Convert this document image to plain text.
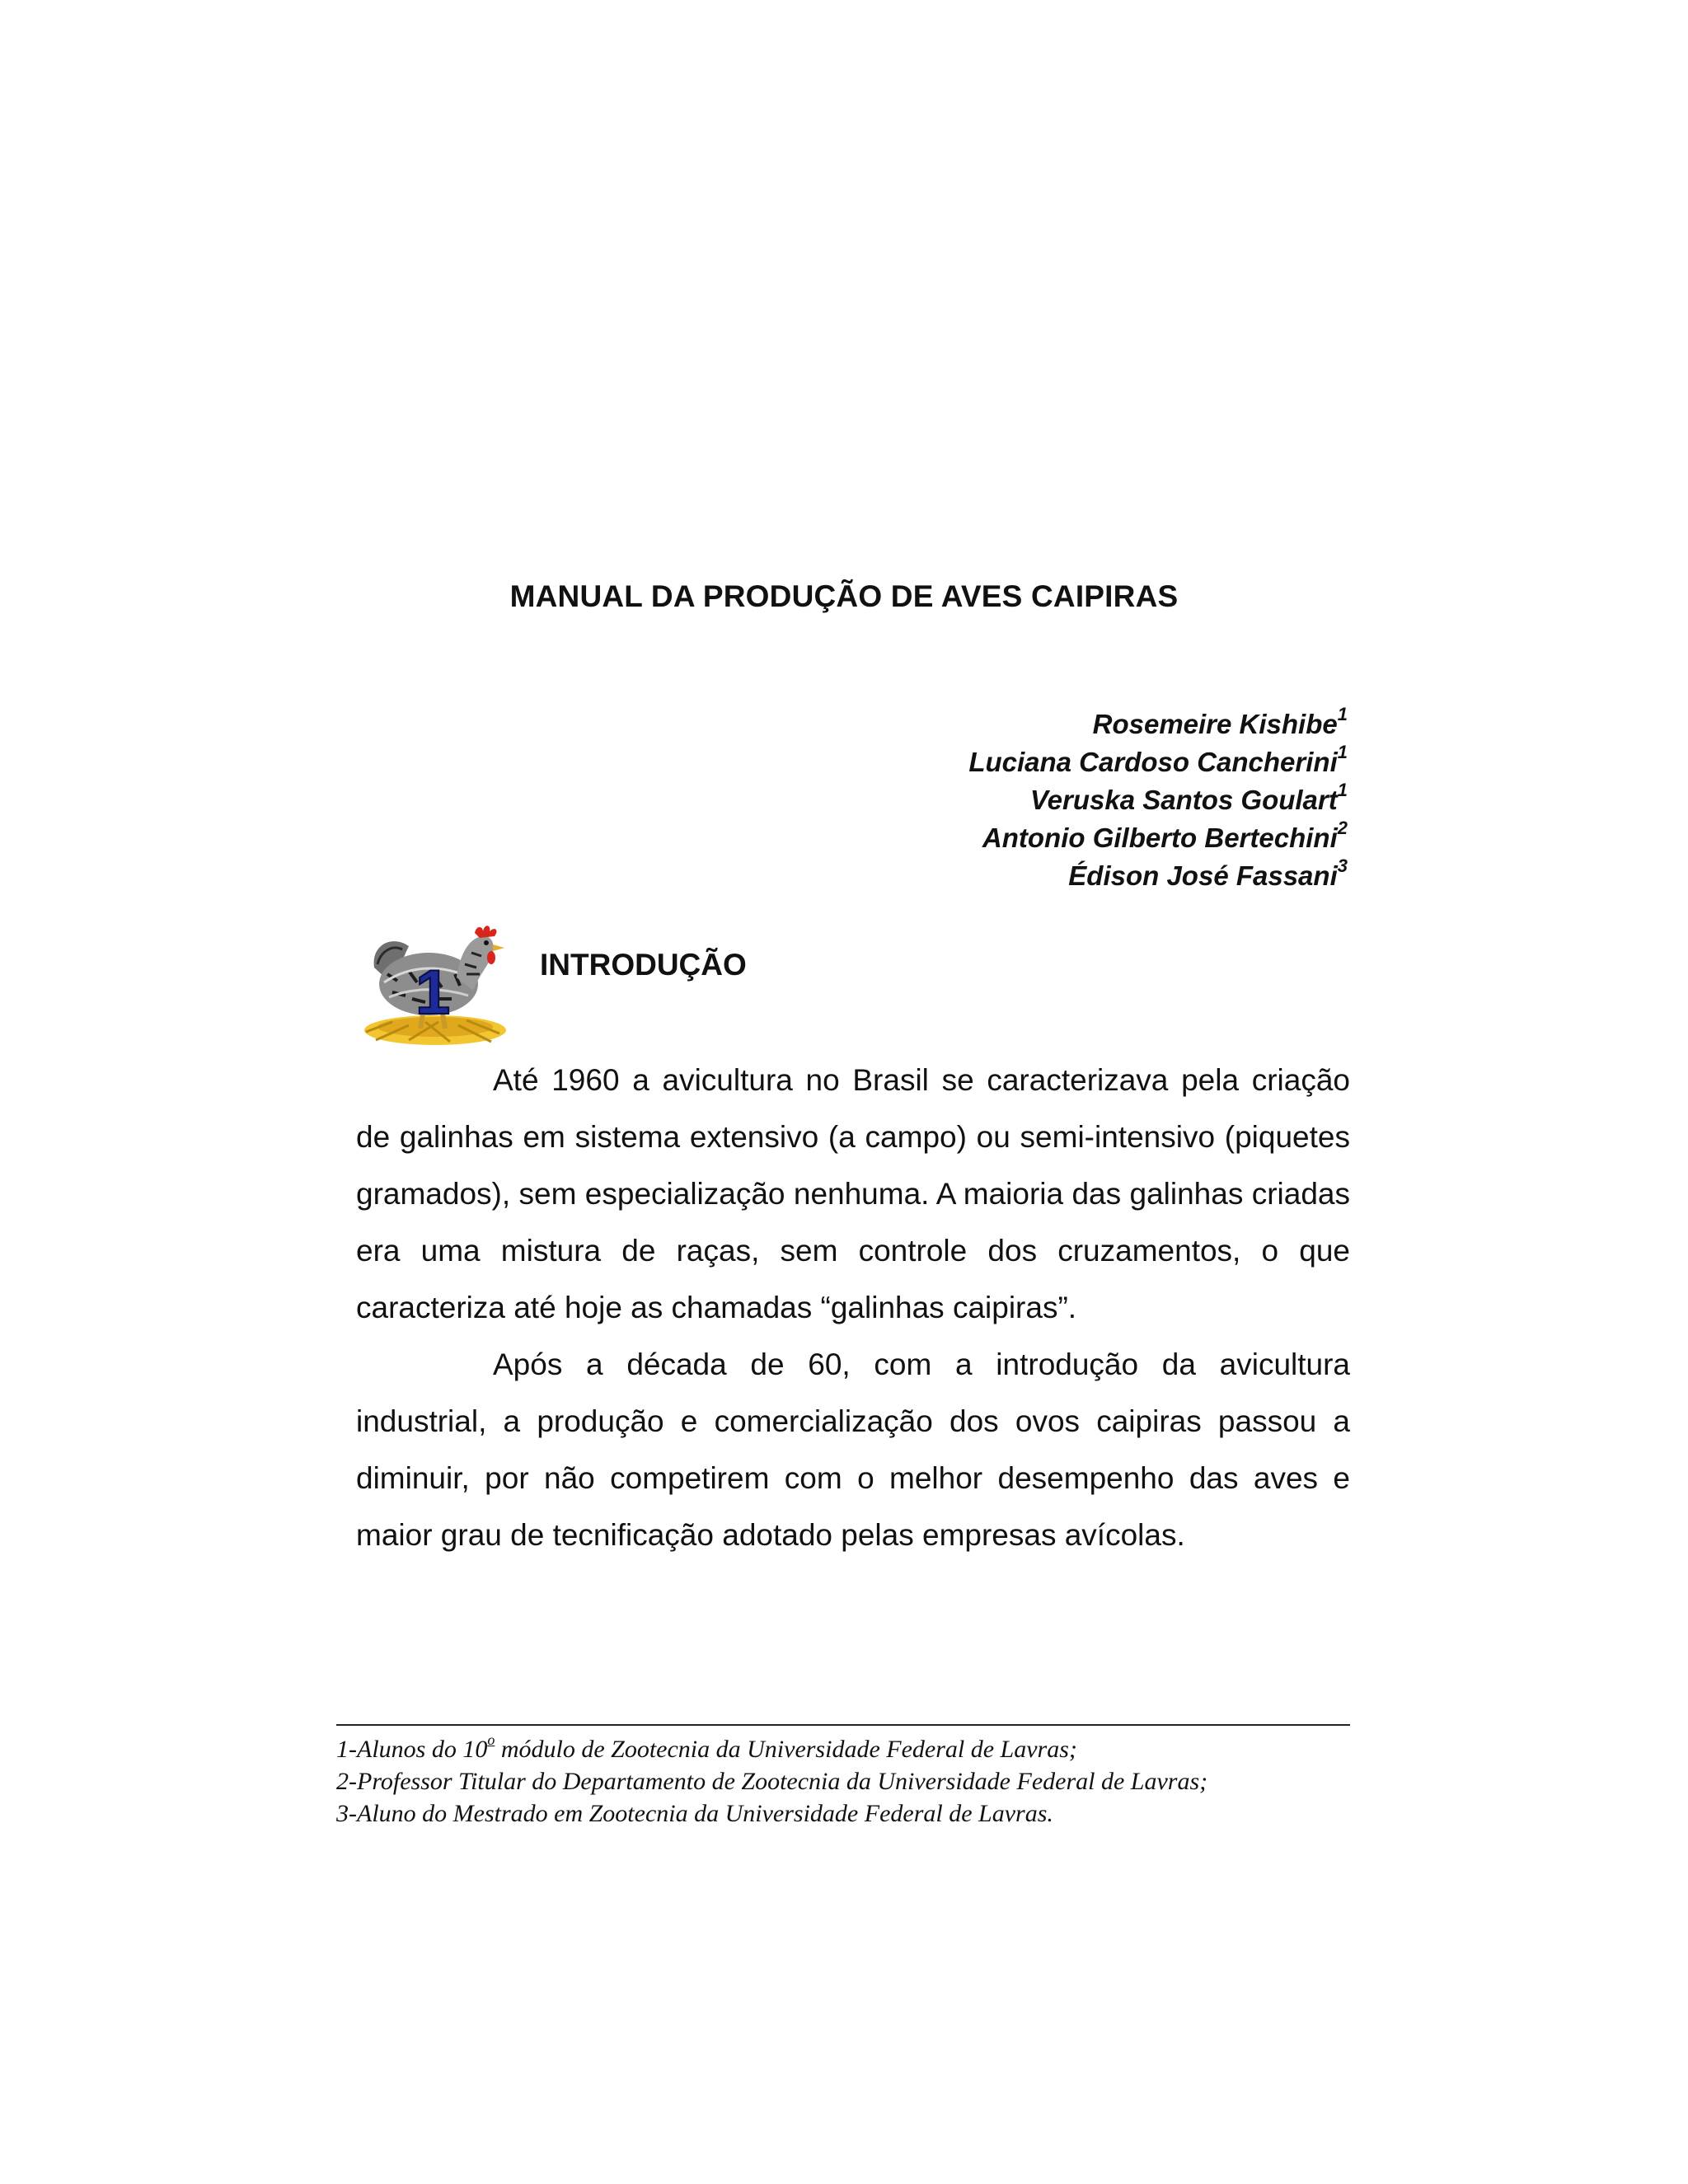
MANUAL DA PRODUÇÃO DE AVES CAIPIRAS
Rosemeire Kishibe$^1$
Luciana Cardoso Cancherini$^1$
Veruska Santos Goulart$^1$
Antonio Gilberto Bertechini$^2$
Édison José Fassani$^3$
1	INTRODUÇÃO

Até 1960 a avicultura no Brasil se caracterizava pela criação de galinhas em sistema extensivo (a campo) ou semi-intensivo (piquetes gramados), sem especialização nenhuma. A maioria das galinhas criadas era uma mistura de raças, sem controle dos cruzamentos, o que caracteriza até hoje as chamadas “galinhas caipiras”.

Após a década de 60, com a introdução da avicultura industrial, a produção e comercialização dos ovos caipiras passou a diminuir, por não competirem com o melhor desempenho das aves e maior grau de tecnificação adotado pelas empresas avícolas.

1-Alunos do 10$^o$ módulo de Zootecnia da Universidade Federal de Lavras;
2-Professor Titular do Departamento de Zootecnia da Universidade Federal de Lavras;
3-Aluno do Mestrado em Zootecnia da Universidade Federal de Lavras.
